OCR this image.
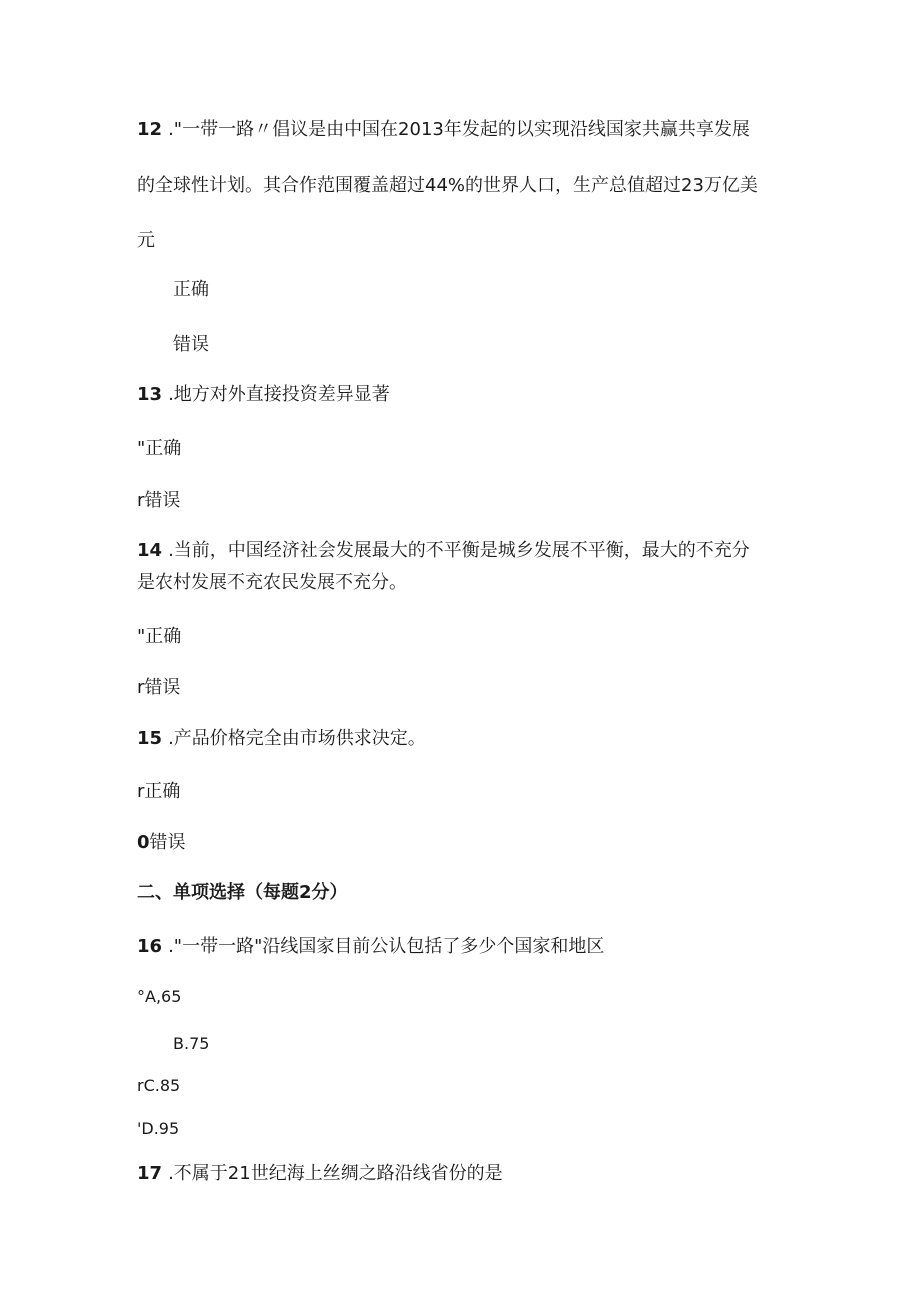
12 ."一带一路〃倡议是由中国在2013年发起的以实现沿线国家共赢共享发展
的全球性计划。其合作范围覆盖超过44%的世界人口，生产总值超过23万亿美
元
正确
错误
13 .地方对外直接投资差异显著
"正确
r错误
14 .当前，中国经济社会发展最大的不平衡是城乡发展不平衡，最大的不充分
是农村发展不充农民发展不充分。
"正确
r错误
15 .产品价格完全由市场供求决定。
r正确
0错误
二、单项选择（每题2分）
16 ."一带一路"沿线国家目前公认包括了多少个国家和地区
°A,65
B.75
rC.85
'D.95
17 .不属于21世纪海上丝绸之路沿线省份的是
